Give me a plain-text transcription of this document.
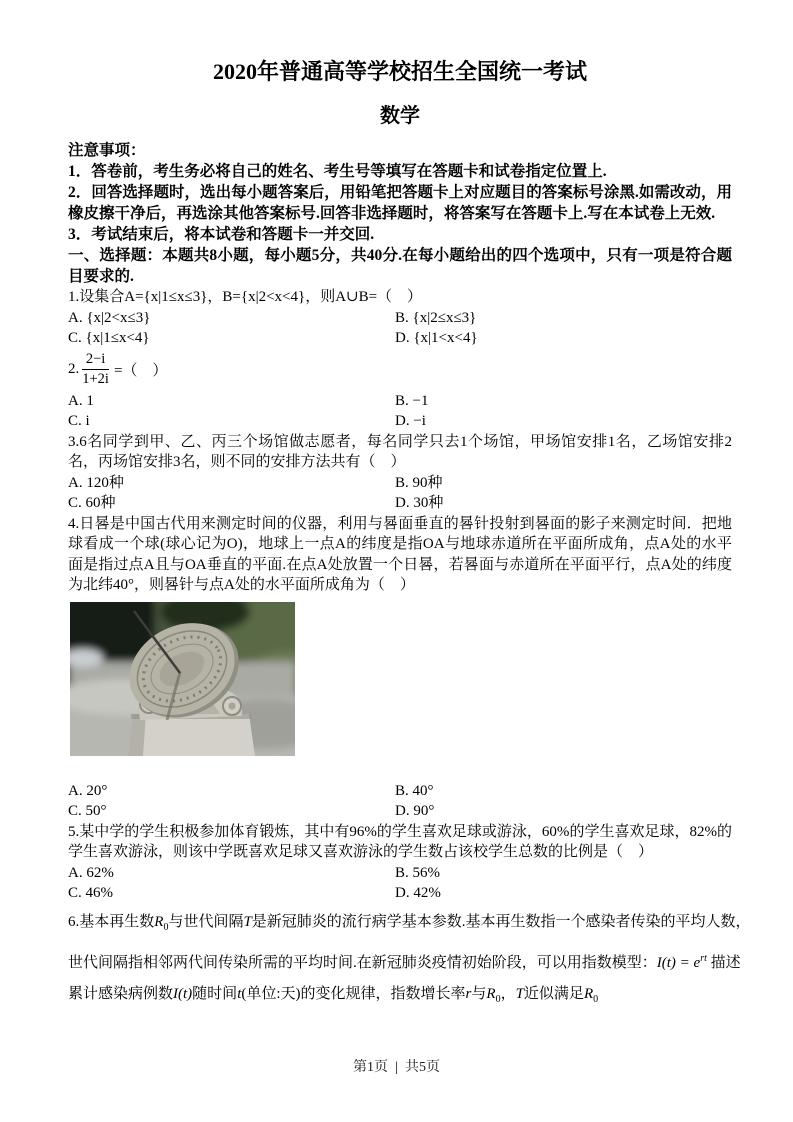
2020年普通高等学校招生全国统一考试
数学

注意事项：

1．答卷前，考生务必将自己的姓名、考生号等填写在答题卡和试卷指定位置上.

2．回答选择题时，选出每小题答案后，用铅笔把答题卡上对应题目的答案标号涂黑.如需改动，用橡皮擦干净后，再选涂其他答案标号.回答非选择题时，将答案写在答题卡上.写在本试卷上无效.

3．考试结束后，将本试卷和答题卡一并交回.

一、选择题：本题共8小题，每小题5分，共40分.在每小题给出的四个选项中，只有一项是符合题目要求的.

1.设集合A={x|1≤x≤3}，B={x|2<x<4}，则A∪B=（　）

A. {x|2<x≤3}	B. {x|2≤x≤3}
C. {x|1≤x<4}	D. {x|1<x<4}
2. $\frac{2-i}{1+2i}$ =（　）
A. 1	B. −1
C. i	D. −i

3.6名同学到甲、乙、丙三个场馆做志愿者，每名同学只去1个场馆，甲场馆安排1名，乙场馆安排2名，丙场馆安排3名，则不同的安排方法共有（　）

A. 120种	B. 90种
C. 60种	D. 30种

4.日晷是中国古代用来测定时间的仪器，利用与晷面垂直的晷针投射到晷面的影子来测定时间．把地球看成一个球(球心记为O)，地球上一点A的纬度是指OA与地球赤道所在平面所成角，点A处的水平面是指过点A且与OA垂直的平面.在点A处放置一个日晷，若晷面与赤道所在平面平行，点A处的纬度为北纬40°，则晷针与点A处的水平面所成角为（　）

A. 20°	B. 40°
C. 50°	D. 90°

5.某中学的学生积极参加体育锻炼，其中有96%的学生喜欢足球或游泳，60%的学生喜欢足球，82%的学生喜欢游泳，则该中学既喜欢足球又喜欢游泳的学生数占该校学生总数的比例是（　）

A. 62%	B. 56%
C. 46%	D. 42%

6.基本再生数$R_0$与世代间隔T是新冠肺炎的流行病学基本参数.基本再生数指一个感染者传染的平均人数，

世代间隔指相邻两代间传染所需的平均时间.在新冠肺炎疫情初始阶段，可以用指数模型：$I(t) = e^{rt}$ 描述

累计感染病例数I(t)随时间t(单位:天)的变化规律，指数增长率r与$R_0$，T近似满足$R_0$

第1页 | 共5页
